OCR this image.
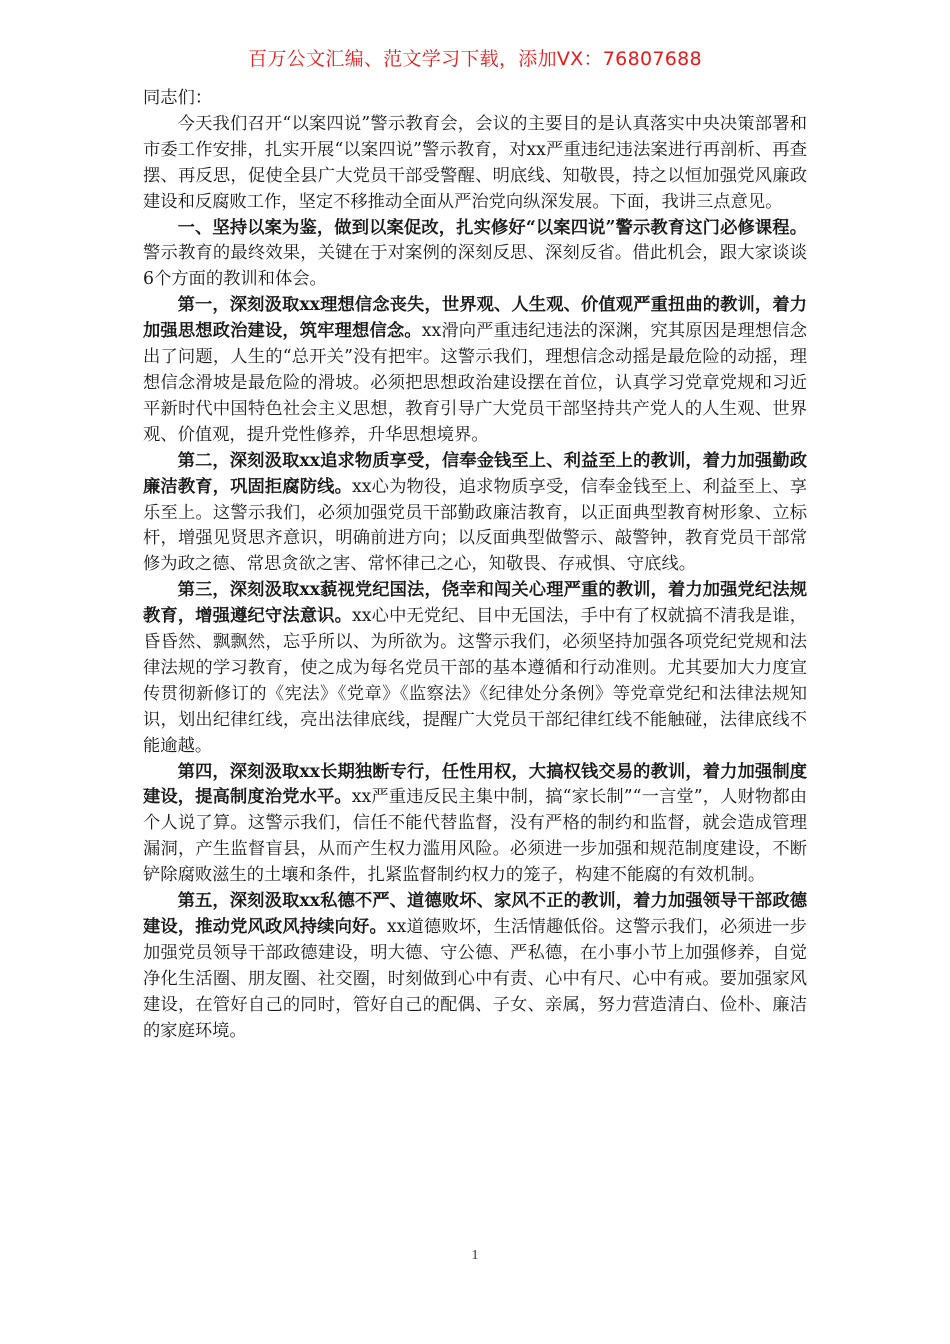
百万公文汇编、范文学习下载，添加VX：76807688

同志们：

今天我们召开“以案四说”警示教育会，会议的主要目的是认真落实中央决策部署和市委工作安排，扎实开展“以案四说”警示教育，对xx严重违纪违法案进行再剖析、再查摆、再反思，促使全县广大党员干部受警醒、明底线、知敬畏，持之以恒加强党风廉政建设和反腐败工作，坚定不移推动全面从严治党向纵深发展。下面，我讲三点意见。

一、坚持以案为鉴，做到以案促改，扎实修好“以案四说”警示教育这门必修课程。警示教育的最终效果，关键在于对案例的深刻反思、深刻反省。借此机会，跟大家谈谈6个方面的教训和体会。

第一，深刻汲取xx理想信念丧失，世界观、人生观、价值观严重扭曲的教训，着力加强思想政治建设，筑牢理想信念。xx滑向严重违纪违法的深渊，究其原因是理想信念出了问题，人生的“总开关”没有把牢。这警示我们，理想信念动摇是最危险的动摇，理想信念滑坡是最危险的滑坡。必须把思想政治建设摆在首位，认真学习党章党规和习近平新时代中国特色社会主义思想，教育引导广大党员干部坚持共产党人的人生观、世界观、价值观，提升党性修养，升华思想境界。

第二，深刻汲取xx追求物质享受，信奉金钱至上、利益至上的教训，着力加强勤政廉洁教育，巩固拒腐防线。xx心为物役，追求物质享受，信奉金钱至上、利益至上、享乐至上。这警示我们，必须加强党员干部勤政廉洁教育，以正面典型教育树形象、立标杆，增强见贤思齐意识，明确前进方向；以反面典型做警示、敲警钟，教育党员干部常修为政之德、常思贪欲之害、常怀律己之心，知敬畏、存戒惧、守底线。

第三，深刻汲取xx藐视党纪国法，侥幸和闯关心理严重的教训，着力加强党纪法规教育，增强遵纪守法意识。xx心中无党纪、目中无国法，手中有了权就搞不清我是谁，昏昏然、飘飘然，忘乎所以、为所欲为。这警示我们，必须坚持加强各项党纪党规和法律法规的学习教育，使之成为每名党员干部的基本遵循和行动准则。尤其要加大力度宣传贯彻新修订的《宪法》《党章》《监察法》《纪律处分条例》等党章党纪和法律法规知识，划出纪律红线，亮出法律底线，提醒广大党员干部纪律红线不能触碰，法律底线不能逾越。

第四，深刻汲取xx长期独断专行，任性用权，大搞权钱交易的教训，着力加强制度建设，提高制度治党水平。xx严重违反民主集中制，搞“家长制”“一言堂”，人财物都由个人说了算。这警示我们，信任不能代替监督，没有严格的制约和监督，就会造成管理漏洞，产生监督盲县，从而产生权力滥用风险。必须进一步加强和规范制度建设，不断铲除腐败滋生的土壤和条件，扎紧监督制约权力的笼子，构建不能腐的有效机制。

第五，深刻汲取xx私德不严、道德败坏、家风不正的教训，着力加强领导干部政德建设，推动党风政风持续向好。xx道德败坏，生活情趣低俗。这警示我们，必须进一步加强党员领导干部政德建设，明大德、守公德、严私德，在小事小节上加强修养，自觉净化生活圈、朋友圈、社交圈，时刻做到心中有责、心中有尺、心中有戒。要加强家风建设，在管好自己的同时，管好自己的配偶、子女、亲属，努力营造清白、俭朴、廉洁的家庭环境。

1
